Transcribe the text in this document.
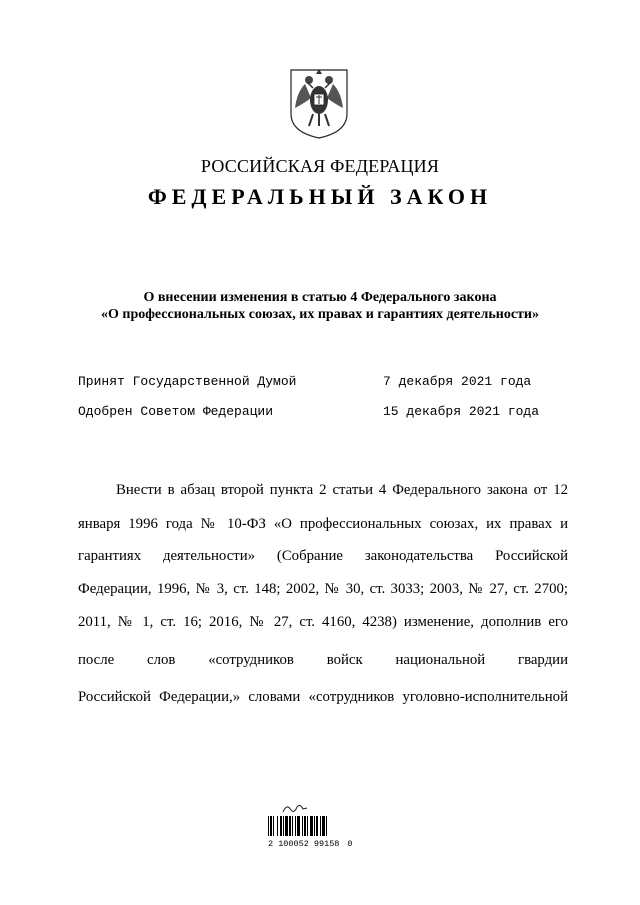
РОССИЙСКАЯ ФЕДЕРАЦИЯ
ФЕДЕРАЛЬНЫЙ ЗАКОН
О внесении изменения в статью 4 Федерального закона
«О профессиональных союзах, их правах и гарантиях деятельности»
Принят Государственной Думой	7 декабря 2021 года
Одобрен Советом Федерации	15 декабря 2021 года
Внести в абзац второй пункта 2 статьи 4 Федерального закона от 12
января 1996 года № 10-ФЗ «О профессиональных союзах, их правах и
гарантиях деятельности» (Собрание законодательства Российской
Федерации, 1996, № 3, ст. 148; 2002, № 30, ст. 3033; 2003, № 27, ст. 2700;
2011, № 1, ст. 16; 2016, № 27, ст. 4160, 4238) изменение, дополнив его
после слов «сотрудников войск национальной гвардии
Российской Федерации,» словами «сотрудников уголовно-исполнительной
2 100052 99158 0
